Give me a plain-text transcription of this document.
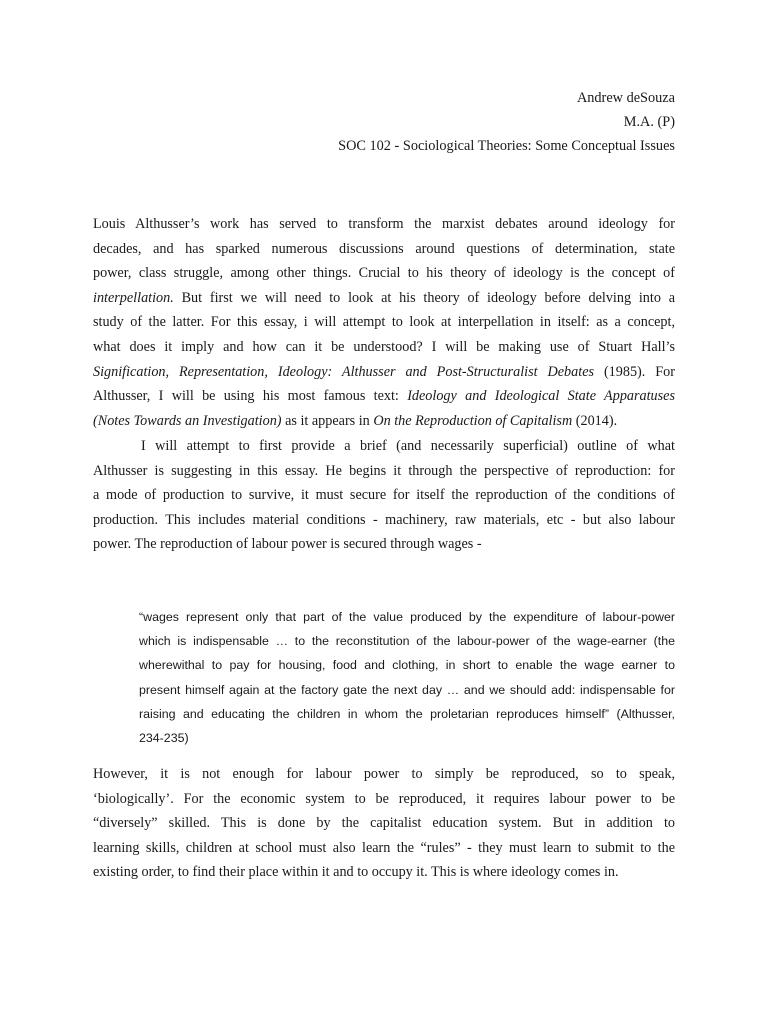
Andrew deSouza
M.A. (P)
SOC 102 - Sociological Theories: Some Conceptual Issues

Louis Althusser’s work has served to transform the marxist debates around ideology for
decades, and has sparked numerous discussions around questions of determination, state
power, class struggle, among other things. Crucial to his theory of ideology is the concept of
interpellation. But first we will need to look at his theory of ideology before delving into a
study of the latter. For this essay, i will attempt to look at interpellation in itself: as a concept,
what does it imply and how can it be understood? I will be making use of Stuart Hall’s
Signification, Representation, Ideology: Althusser and Post-Structuralist Debates (1985). For
Althusser, I will be using his most famous text: Ideology and Ideological State Apparatuses
(Notes Towards an Investigation) as it appears in On the Reproduction of Capitalism (2014).

I will attempt to first provide a brief (and necessarily superficial) outline of what
Althusser is suggesting in this essay. He begins it through the perspective of reproduction: for
a mode of production to survive, it must secure for itself the reproduction of the conditions of
production. This includes material conditions - machinery, raw materials, etc - but also labour
power. The reproduction of labour power is secured through wages -

“wages represent only that part of the value produced by the expenditure of labour-power
which is indispensable … to the reconstitution of the labour-power of the wage-earner (the
wherewithal to pay for housing, food and clothing, in short to enable the wage earner to
present himself again at the factory gate the next day … and we should add: indispensable for
raising and educating the children in whom the proletarian reproduces himself” (Althusser,
234-235)

However, it is not enough for labour power to simply be reproduced, so to speak,
‘biologically’. For the economic system to be reproduced, it requires labour power to be
“diversely” skilled. This is done by the capitalist education system. But in addition to
learning skills, children at school must also learn the “rules” - they must learn to submit to the
existing order, to find their place within it and to occupy it. This is where ideology comes in.
